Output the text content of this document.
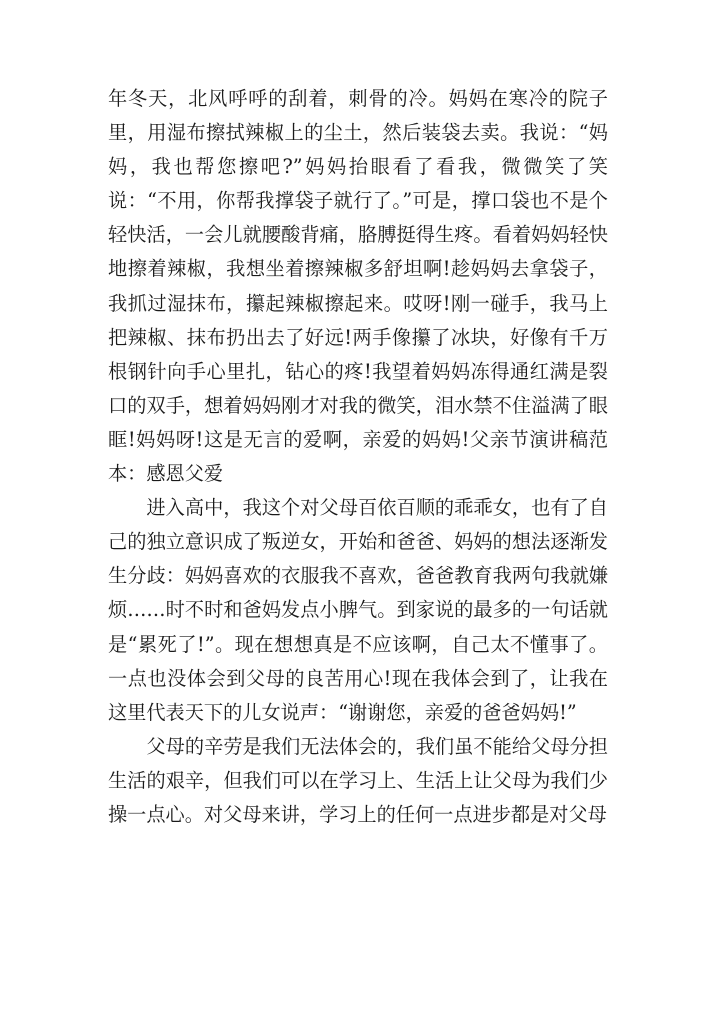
年冬天，北风呼呼的刮着，刺骨的冷。妈妈在寒冷的院子里，用湿布擦拭辣椒上的尘土，然后装袋去卖。我说：“妈妈，我也帮您擦吧?”妈妈抬眼看了看我，微微笑了笑说：“不用，你帮我撑袋子就行了。”可是，撑口袋也不是个轻快活，一会儿就腰酸背痛，胳膊挺得生疼。看着妈妈轻快地擦着辣椒，我想坐着擦辣椒多舒坦啊!趁妈妈去拿袋子，我抓过湿抹布，攥起辣椒擦起来。哎呀!刚一碰手，我马上把辣椒、抹布扔出去了好远!两手像攥了冰块，好像有千万根钢针向手心里扎，钻心的疼!我望着妈妈冻得通红满是裂口的双手，想着妈妈刚才对我的微笑，泪水禁不住溢满了眼眶!妈妈呀!这是无言的爱啊，亲爱的妈妈!父亲节演讲稿范本：感恩父爱

进入高中，我这个对父母百依百顺的乖乖女，也有了自己的独立意识成了叛逆女，开始和爸爸、妈妈的想法逐渐发生分歧：妈妈喜欢的衣服我不喜欢，爸爸教育我两句我就嫌烦……时不时和爸妈发点小脾气。到家说的最多的一句话就是“累死了!”。现在想想真是不应该啊，自己太不懂事了。一点也没体会到父母的良苦用心!现在我体会到了，让我在这里代表天下的儿女说声：“谢谢您，亲爱的爸爸妈妈!”

父母的辛劳是我们无法体会的，我们虽不能给父母分担生活的艰辛，但我们可以在学习上、生活上让父母为我们少操一点心。对父母来讲，学习上的任何一点进步都是对父母
